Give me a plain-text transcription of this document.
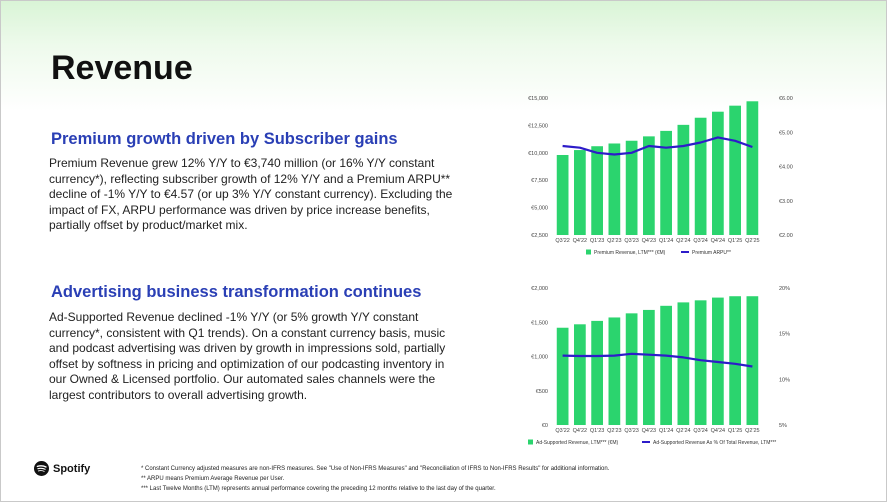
Revenue
Premium growth driven by Subscriber gains
Premium Revenue grew 12% Y/Y to €3,740 million (or 16% Y/Y constant currency*), reflecting subscriber growth of 12% Y/Y and a Premium ARPU** decline of -1% Y/Y to €4.57 (or up 3% Y/Y constant currency). Excluding the impact of FX, ARPU performance was driven by price increase benefits, partially offset by product/market mix.
Advertising business transformation continues
Ad-Supported Revenue declined -1% Y/Y (or 5% growth Y/Y constant currency*, consistent with Q1 trends). On a constant currency basis, music and podcast advertising was driven by growth in impressions sold, partially offset by softness in pricing and optimization of our podcasting inventory in our Owned & Licensed portfolio. Our automated sales channels were the largest contributors to overall advertising growth.
€15,000
€12,500
€10,000
€7,500
€5,000
€2,500
€6.00
€5.00
€4.00
€3.00
€2.00
Q3'22 Q4'22 Q1'23 Q2'23 Q3'23 Q4'23 Q1'24 Q2'24 Q3'24 Q4'24 Q1'25 Q2'25
Premium Revenue, LTM*** (€M)	Premium ARPU**
€2,000
€1,500
€1,000
€500
€0
20%
15%
10%
5%
Q3'22 Q4'22 Q1'23 Q2'23 Q3'23 Q4'23 Q1'24 Q2'24 Q3'24 Q4'24 Q1'25 Q2'25
Ad-Supported Revenue, LTM*** (€M)	Ad-Supported Revenue As % Of Total Revenue, LTM***
Spotify	* Constant Currency adjusted measures are non-IFRS measures. See "Use of Non-IFRS Measures" and "Reconciliation of IFRS to Non-IFRS Results" for additional information.
** ARPU means Premium Average Revenue per User.
*** Last Twelve Months (LTM) represents annual performance covering the preceding 12 months relative to the last day of the quarter.
